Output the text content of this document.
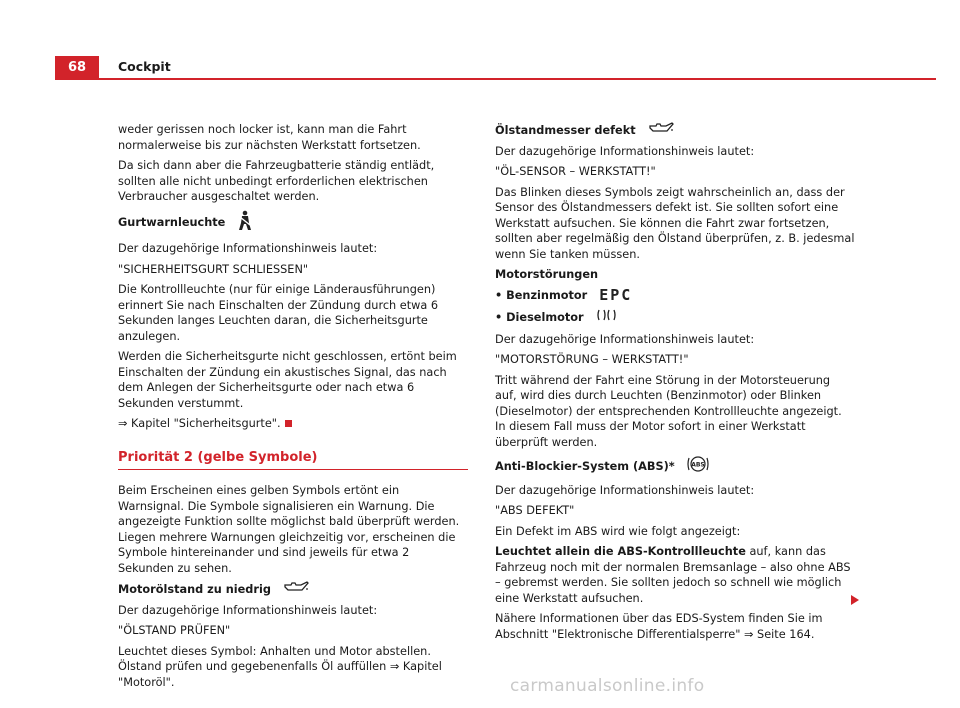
68	Cockpit

weder gerissen noch locker ist, kann man die Fahrt normalerweise bis zur nächsten Werkstatt fortsetzen.

Da sich dann aber die Fahrzeugbatterie ständig entlädt, sollten alle nicht unbedingt erforderlichen elektrischen Verbraucher ausgeschaltet werden.

Gurtwarnleuchte

Der dazugehörige Informationshinweis lautet:

"SICHERHEITSGURT SCHLIESSEN"

Die Kontrollleuchte (nur für einige Länderausführungen) erinnert Sie nach Einschalten der Zündung durch etwa 6 Sekunden langes Leuchten daran, die Sicherheitsgurte anzulegen.

Werden die Sicherheitsgurte nicht geschlossen, ertönt beim Einschalten der Zündung ein akustisches Signal, das nach dem Anlegen der Sicherheitsgurte oder nach etwa 6 Sekunden verstummt.

⇒ Kapitel "Sicherheitsgurte".

Priorität 2 (gelbe Symbole)

Beim Erscheinen eines gelben Symbols ertönt ein Warnsignal. Die Symbole signalisieren ein Warnung. Die angezeigte Funktion sollte möglichst bald überprüft werden. Liegen mehrere Warnungen gleichzeitig vor, erscheinen die Symbole hintereinander und sind jeweils für etwa 2 Sekunden zu sehen.

Motorölstand zu niedrig

Der dazugehörige Informationshinweis lautet:

"ÖLSTAND PRÜFEN"

Leuchtet dieses Symbol: Anhalten und Motor abstellen. Ölstand prüfen und gegebenenfalls Öl auffüllen ⇒ Kapitel "Motoröl".

Ölstandmesser defekt

Der dazugehörige Informationshinweis lautet:

"ÖL-SENSOR – WERKSTATT!"

Das Blinken dieses Symbols zeigt wahrscheinlich an, dass der Sensor des Ölstandmessers defekt ist. Sie sollten sofort eine Werkstatt aufsuchen. Sie können die Fahrt zwar fortsetzen, sollten aber regelmäßig den Ölstand überprüfen, z. B. jedesmal wenn Sie tanken müssen.

Motorstörungen
• Benzinmotor EPC
• Dieselmotor

Der dazugehörige Informationshinweis lautet:

"MOTORSTÖRUNG – WERKSTATT!"

Tritt während der Fahrt eine Störung in der Motorsteuerung auf, wird dies durch Leuchten (Benzinmotor) oder Blinken (Dieselmotor) der entsprechenden Kontrollleuchte angezeigt. In diesem Fall muss der Motor sofort in einer Werkstatt überprüft werden.

Anti-Blockier-System (ABS)*	ABS

Der dazugehörige Informationshinweis lautet:

"ABS DEFEKT"

Ein Defekt im ABS wird wie folgt angezeigt:

Leuchtet allein die ABS-Kontrollleuchte auf, kann das Fahrzeug noch mit der normalen Bremsanlage – also ohne ABS – gebremst werden. Sie sollten jedoch so schnell wie möglich eine Werkstatt aufsuchen.

Nähere Informationen über das EDS-System finden Sie im Abschnitt "Elektronische Differentialsperre" ⇒ Seite 164.

carmanualsonline.info
